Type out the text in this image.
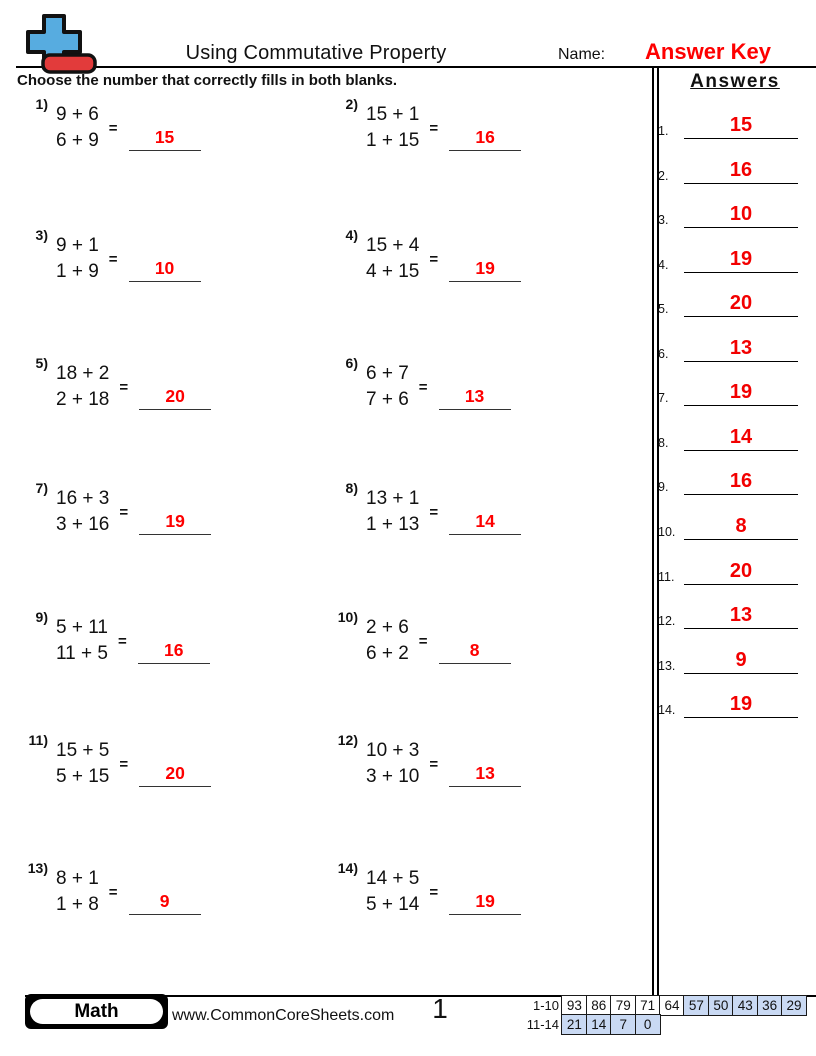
Using Commutative Property	Name:	Answer Key
Choose the number that correctly fills in both blanks.	Answers
1.	15
2.	16
3.	10
4.	19
5.	20
6.	13
7.	19
8.	14
9.	16
10.	8
11.	20
12.	13
13.	9
14.	19
1) 9 + 6
6 + 9
=	15
2) 15 + 1
1 + 15
=	16
3) 9 + 1
1 + 9
=	10
4) 15 + 4
4 + 15
=	19
5) 18 + 2
2 + 18
=	20
6) 6 + 7
7 + 6
=	13
7) 16 + 3
3 + 16
=	19
8) 13 + 1
1 + 13
=	14
9) 5 + 11
11 + 5
=	16
10) 2 + 6
6 + 2
=	8
11) 15 + 5
5 + 15
=	20
12) 10 + 3
3 + 10
=	13
13) 8 + 1
1 + 8
=	9
14) 14 + 5
5 + 14
=	19
Math	www.CommonCoreSheets.com	1	1-10 93 86 79 71 64 57 50 43 36 29
11-14 21 14 7	0
